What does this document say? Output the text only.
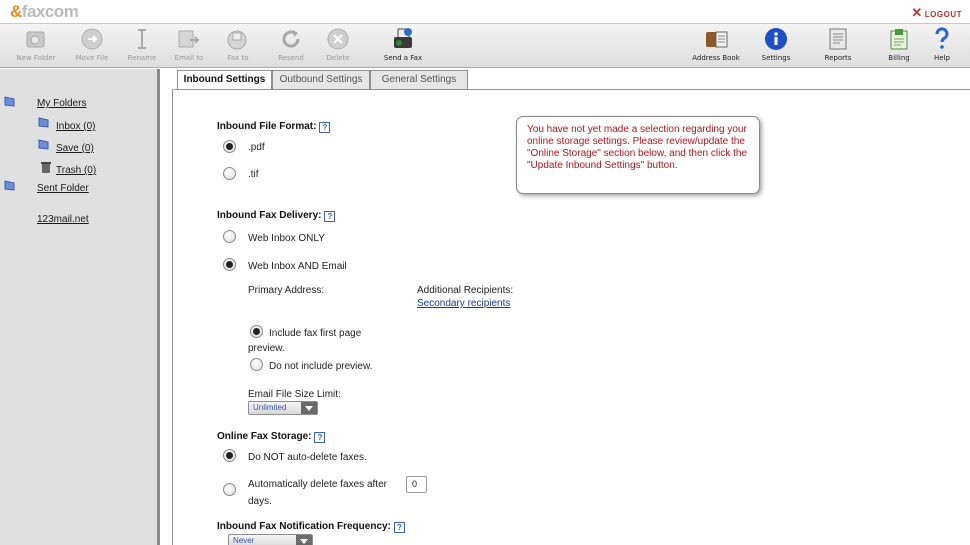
&faxcom	✕ LOGOUT
New Folder	Move File	Rename	Email to	Fax to	Resend	Delete	Send a Fax	Address Book	Settings	Reports	Billing	Help
My Folders
Inbox (0)
Save (0)
Trash (0)
Sent Folder
123mail.net
Inbound Settings	Outbound Settings	General Settings
Inbound File Format: ?
.pdf
.tif
Inbound Fax Delivery: ?
Web Inbox ONLY
Web Inbox AND Email
Primary Address:	Additional Recipients:
Secondary recipients
Include fax first page
preview.
Do not include preview.
Email File Size Limit:
Unlimited
Online Fax Storage: ?
Do NOT auto-delete faxes.
Automatically delete faxes after	0
days.
Inbound Fax Notification Frequency: ?
Never
You have not yet made a selection regarding your online storage settings. Please review/update the "Online Storage" section below, and then click the "Update Inbound Settings" button.
